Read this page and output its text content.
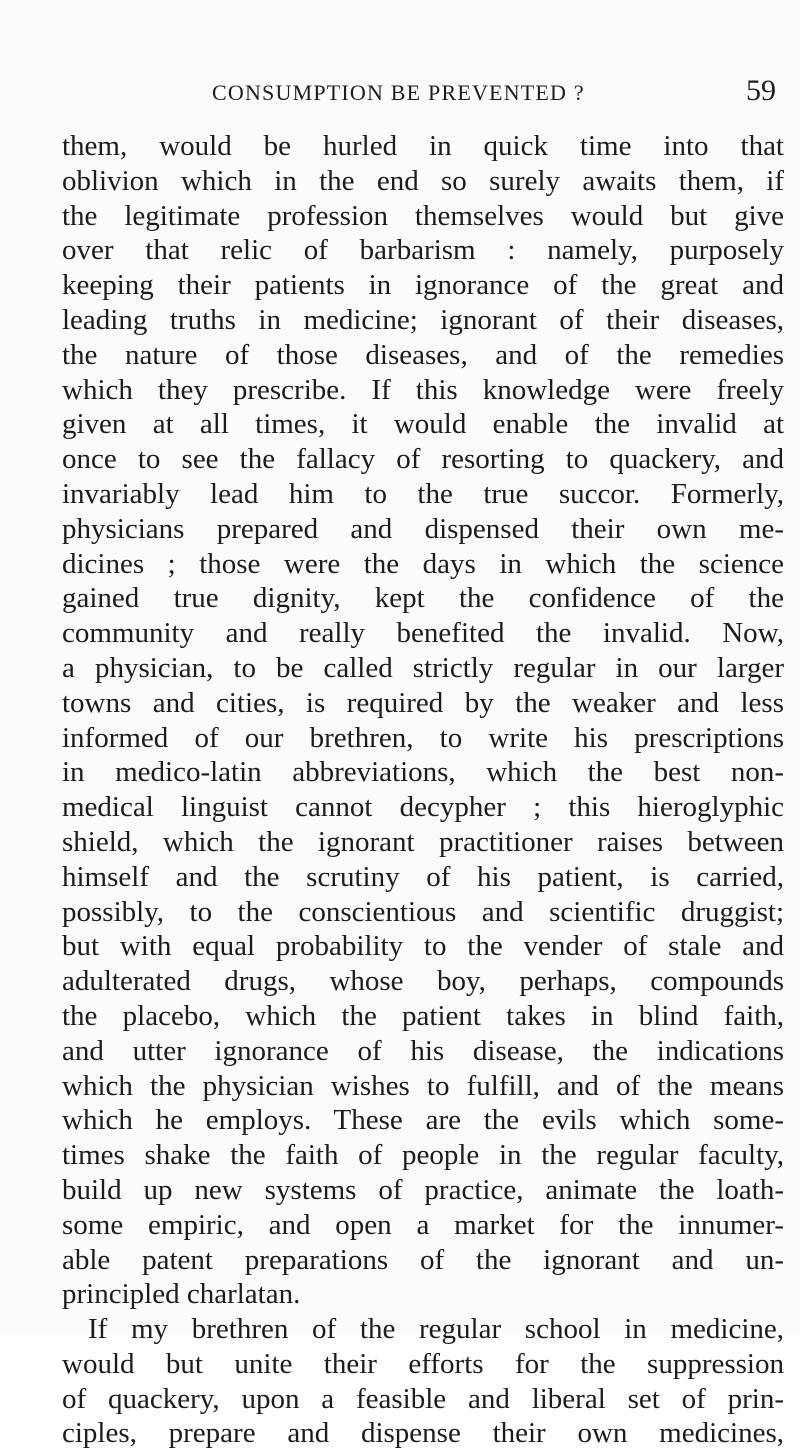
CONSUMPTION BE PREVENTED ?	59
them, would be hurled in quick time into that
oblivion which in the end so surely awaits them, if
the legitimate profession themselves would but give
over that relic of barbarism : namely, purposely
keeping their patients in ignorance of the great and
leading truths in medicine; ignorant of their diseases,
the nature of those diseases, and of the remedies
which they prescribe. If this knowledge were freely
given at all times, it would enable the invalid at
once to see the fallacy of resorting to quackery, and
invariably lead him to the true succor. Formerly,
physicians prepared and dispensed their own me-
dicines ; those were the days in which the science
gained true dignity, kept the confidence of the
community and really benefited the invalid. Now,
a physician, to be called strictly regular in our larger
towns and cities, is required by the weaker and less
informed of our brethren, to write his prescriptions
in medico-latin abbreviations, which the best non-
medical linguist cannot decypher ; this hieroglyphic
shield, which the ignorant practitioner raises between
himself and the scrutiny of his patient, is carried,
possibly, to the conscientious and scientific druggist;
but with equal probability to the vender of stale and
adulterated drugs, whose boy, perhaps, compounds
the placebo, which the patient takes in blind faith,
and utter ignorance of his disease, the indications
which the physician wishes to fulfill, and of the means
which he employs. These are the evils which some-
times shake the faith of people in the regular faculty,
build up new systems of practice, animate the loath-
some empiric, and open a market for the innumer-
able patent preparations of the ignorant and un-
principled charlatan.
If my brethren of the regular school in medicine,
would but unite their efforts for the suppression
of quackery, upon a feasible and liberal set of prin-
ciples, prepare and dispense their own medicines,
